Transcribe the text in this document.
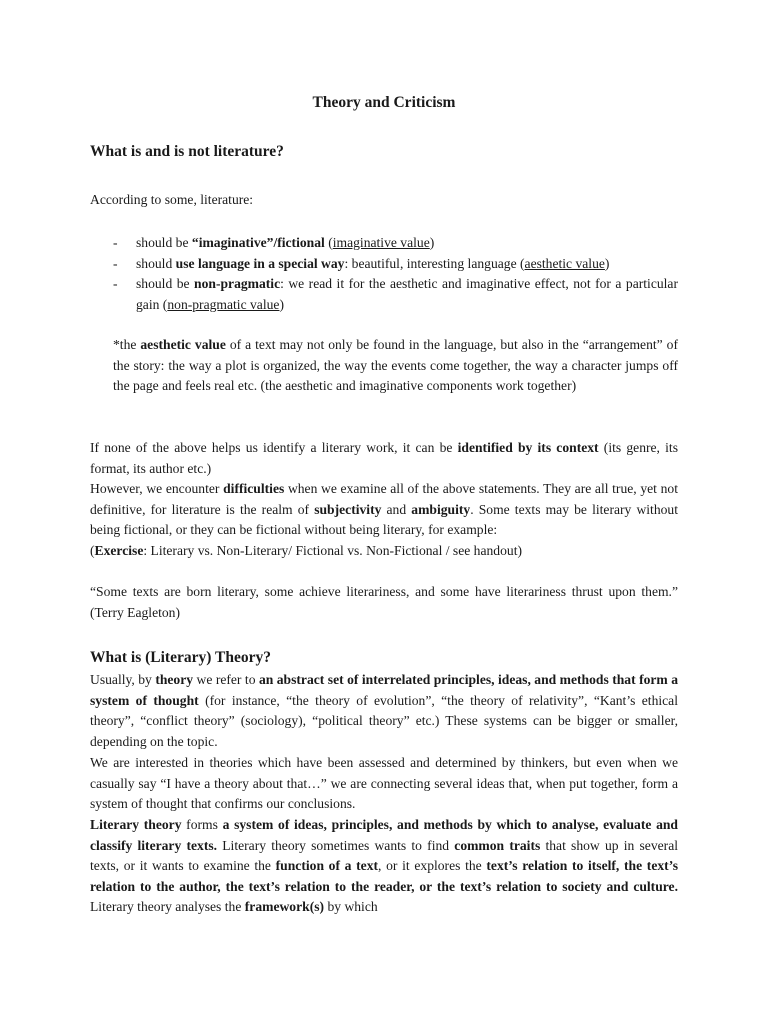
Theory and Criticism
What is and is not literature?

According to some, literature:

- should be “imaginative”/fictional (imaginative value)
- should use language in a special way: beautiful, interesting language (aesthetic value)
- should be non-pragmatic: we read it for the aesthetic and imaginative effect, not for a particular gain (non-pragmatic value)

*the aesthetic value of a text may not only be found in the language, but also in the “arrangement” of the story: the way a plot is organized, the way the events come together, the way a character jumps off the page and feels real etc. (the aesthetic and imaginative components work together)

If none of the above helps us identify a literary work, it can be identified by its context (its genre, its format, its author etc.)

However, we encounter difficulties when we examine all of the above statements. They are all true, yet not definitive, for literature is the realm of subjectivity and ambiguity. Some texts may be literary without being fictional, or they can be fictional without being literary, for example:

(Exercise: Literary vs. Non-Literary/ Fictional vs. Non-Fictional / see handout)

“Some texts are born literary, some achieve literariness, and some have literariness thrust upon them.” (Terry Eagleton)

What is (Literary) Theory?

Usually, by theory we refer to an abstract set of interrelated principles, ideas, and methods that form a system of thought (for instance, “the theory of evolution”, “the theory of relativity”, “Kant’s ethical theory”, “conflict theory” (sociology), “political theory” etc.) These systems can be bigger or smaller, depending on the topic.

We are interested in theories which have been assessed and determined by thinkers, but even when we casually say “I have a theory about that…” we are connecting several ideas that, when put together, form a system of thought that confirms our conclusions.

Literary theory forms a system of ideas, principles, and methods by which to analyse, evaluate and classify literary texts. Literary theory sometimes wants to find common traits that show up in several texts, or it wants to examine the function of a text, or it explores the text’s relation to itself, the text’s relation to the author, the text’s relation to the reader, or the text’s relation to society and culture. Literary theory analyses the framework(s) by which
